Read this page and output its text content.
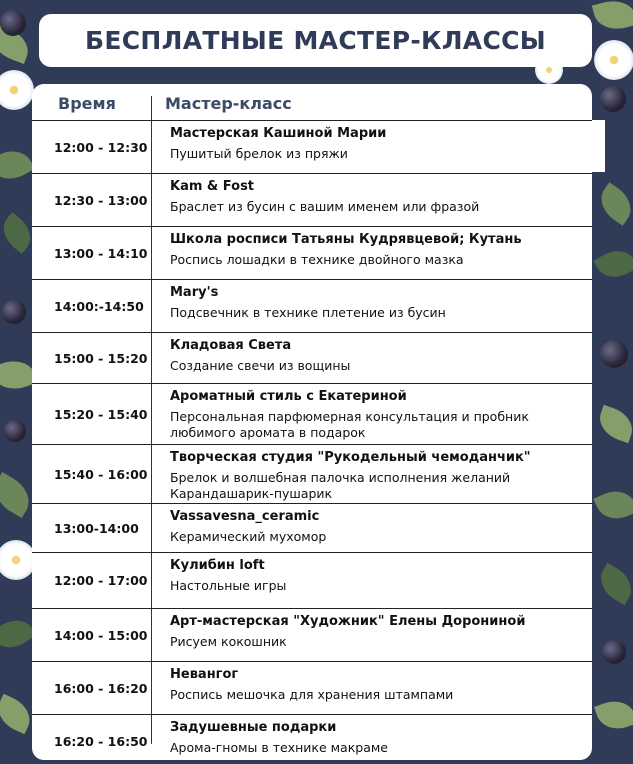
БЕСПЛАТНЫЕ МАСТЕР-КЛАССЫ
Время	Мастер-класс
12:00 - 12:30
Мастерская Кашиной Марии
Пушитый брелок из пряжи
12:30 - 13:00
Kam & Fost
Браслет из бусин с вашим именем или фразой
13:00 - 14:10
Школа росписи Татьяны Кудрявцевой; Кутань
Роспись лошадки в технике двойного мазка
14:00:-14:50
Mary's
Подсвечник в технике плетение из бусин
15:00 - 15:20
Кладовая Света
Создание свечи из вощины
15:20 - 15:40
Ароматный стиль с Екатериной
Персональная парфюмерная консультация и пробник любимого аромата в подарок
15:40 - 16:00
Творческая студия "Рукодельный чемоданчик"
Брелок и волшебная палочка исполнения желаний Карандашарик-пушарик
13:00-14:00
Vassavesna_ceramic
Керамический мухомор
12:00 - 17:00
Кулибин loft
Настольные игры
14:00 - 15:00
Арт-мастерская "Художник" Елены Дорониной
Рисуем кокошник
16:00 - 16:20
Невангог
Роспись мешочка для хранения штампами
16:20 - 16:50
Задушевные подарки
Арома-гномы в технике макраме
